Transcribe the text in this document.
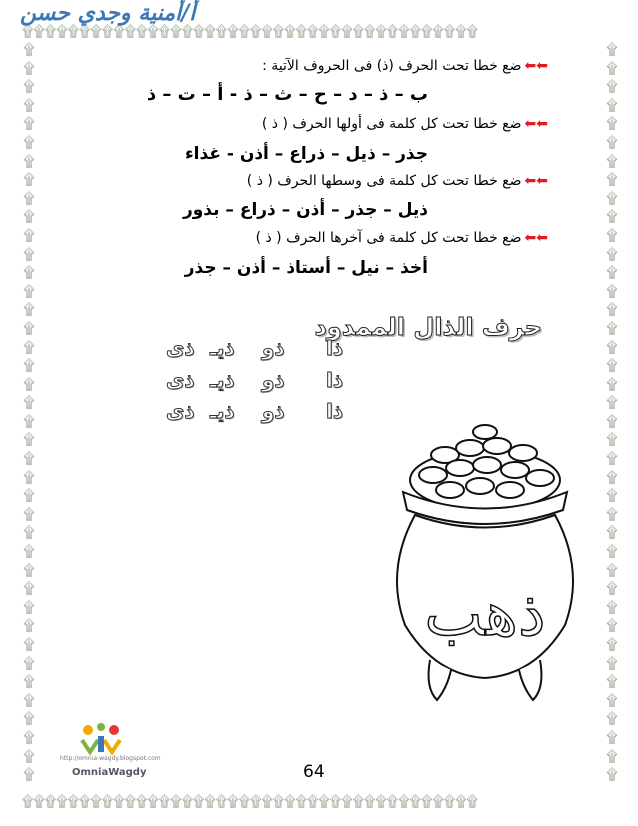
۩۩۩۩۩۩۩۩۩۩۩۩۩۩۩۩۩۩۩۩۩۩۩۩۩۩۩۩۩۩۩۩۩۩۩۩۩۩۩۩
۩۩۩۩۩۩۩۩۩۩۩۩۩۩۩۩۩۩۩۩۩۩۩۩۩۩۩۩۩۩۩۩۩۩۩۩۩۩۩۩
۩۩۩۩۩۩۩۩۩۩۩۩۩۩۩۩۩۩۩۩۩۩۩۩۩۩۩۩۩۩۩۩۩۩۩۩۩۩۩۩
۩۩۩۩۩۩۩۩۩۩۩۩۩۩۩۩۩۩۩۩۩۩۩۩۩۩۩۩۩۩۩۩۩۩۩۩۩۩۩۩
أ/أمنية وجدي حسن
⬅⬅ضع خطا تحت الحرف (ذ) فى الحروف الآتية :
ب – ذ – د – ح – ث – ذ - أ – ت – ذ
⬅⬅ضع خطا تحت كل كلمة فى أولها الحرف ( ذ )
جذر – ذيل – ذراع – أذن - غذاء
⬅⬅ضع خطا تحت كل كلمة فى وسطها الحرف ( ذ )
ذيل – جذر – أذن – ذراع – بذور
⬅⬅ضع خطا تحت كل كلمة فى آخرها الحرف ( ذ )
أخذ – نيل – أستاذ – أذن – جذر
حرف الذال الممدود
ذا
ذو
ذيـ
ذى
ذا
ذو
ذيـ
ذى
ذا
ذو
ذيـ
ذى
ذهب
http://omnia-wagdy.blogspot.com
OmniaWagdy	64
